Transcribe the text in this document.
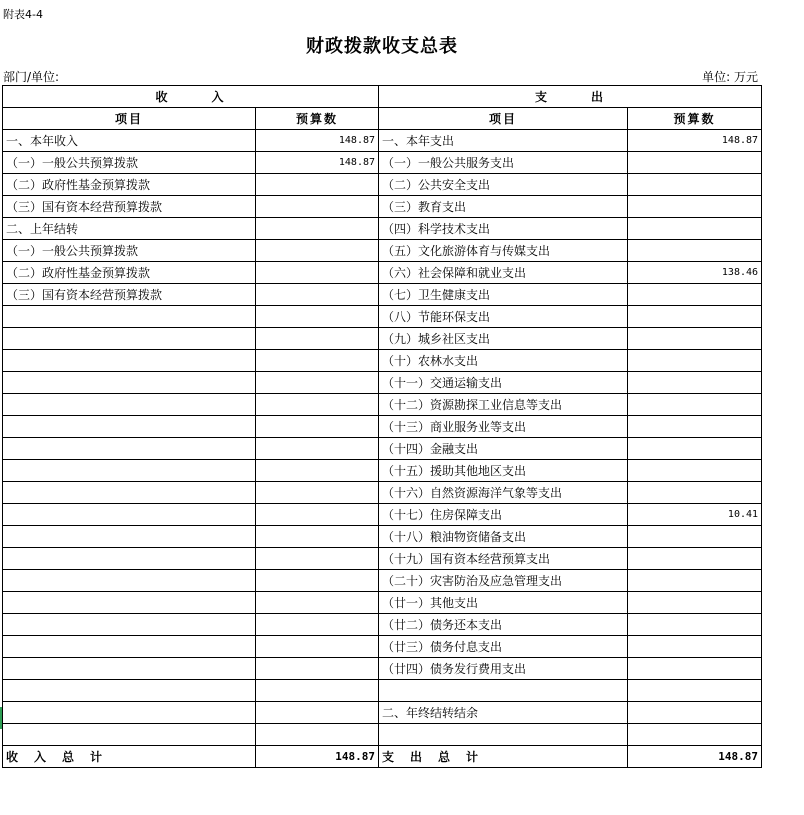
附表4-4
财政拨款收支总表
部门/单位:	单位: 万元
收　　　入		支　　　出	
项目	预算数	项目	预算数
一、本年收入	148.87	一、本年支出	148.87
（一）一般公共预算拨款	148.87	（一）一般公共服务支出	
（二）政府性基金预算拨款		（二）公共安全支出	
（三）国有资本经营预算拨款		（三）教育支出	
二、上年结转		（四）科学技术支出	
（一）一般公共预算拨款		（五）文化旅游体育与传媒支出	
（二）政府性基金预算拨款		（六）社会保障和就业支出	138.46
（三）国有资本经营预算拨款		（七）卫生健康支出	
		（八）节能环保支出	
		（九）城乡社区支出	
		（十）农林水支出	
		（十一）交通运输支出	
		（十二）资源勘探工业信息等支出	
		（十三）商业服务业等支出	
		（十四）金融支出	
		（十五）援助其他地区支出	
		（十六）自然资源海洋气象等支出	
		（十七）住房保障支出	10.41
		（十八）粮油物资储备支出	
		（十九）国有资本经营预算支出	
		（二十）灾害防治及应急管理支出	
		（廿一）其他支出	
		（廿二）债务还本支出	
		（廿三）债务付息支出	
		（廿四）债务发行费用支出	

		二、年终结转结余	

收　入　总　计	148.87	支　出　总　计	148.87
